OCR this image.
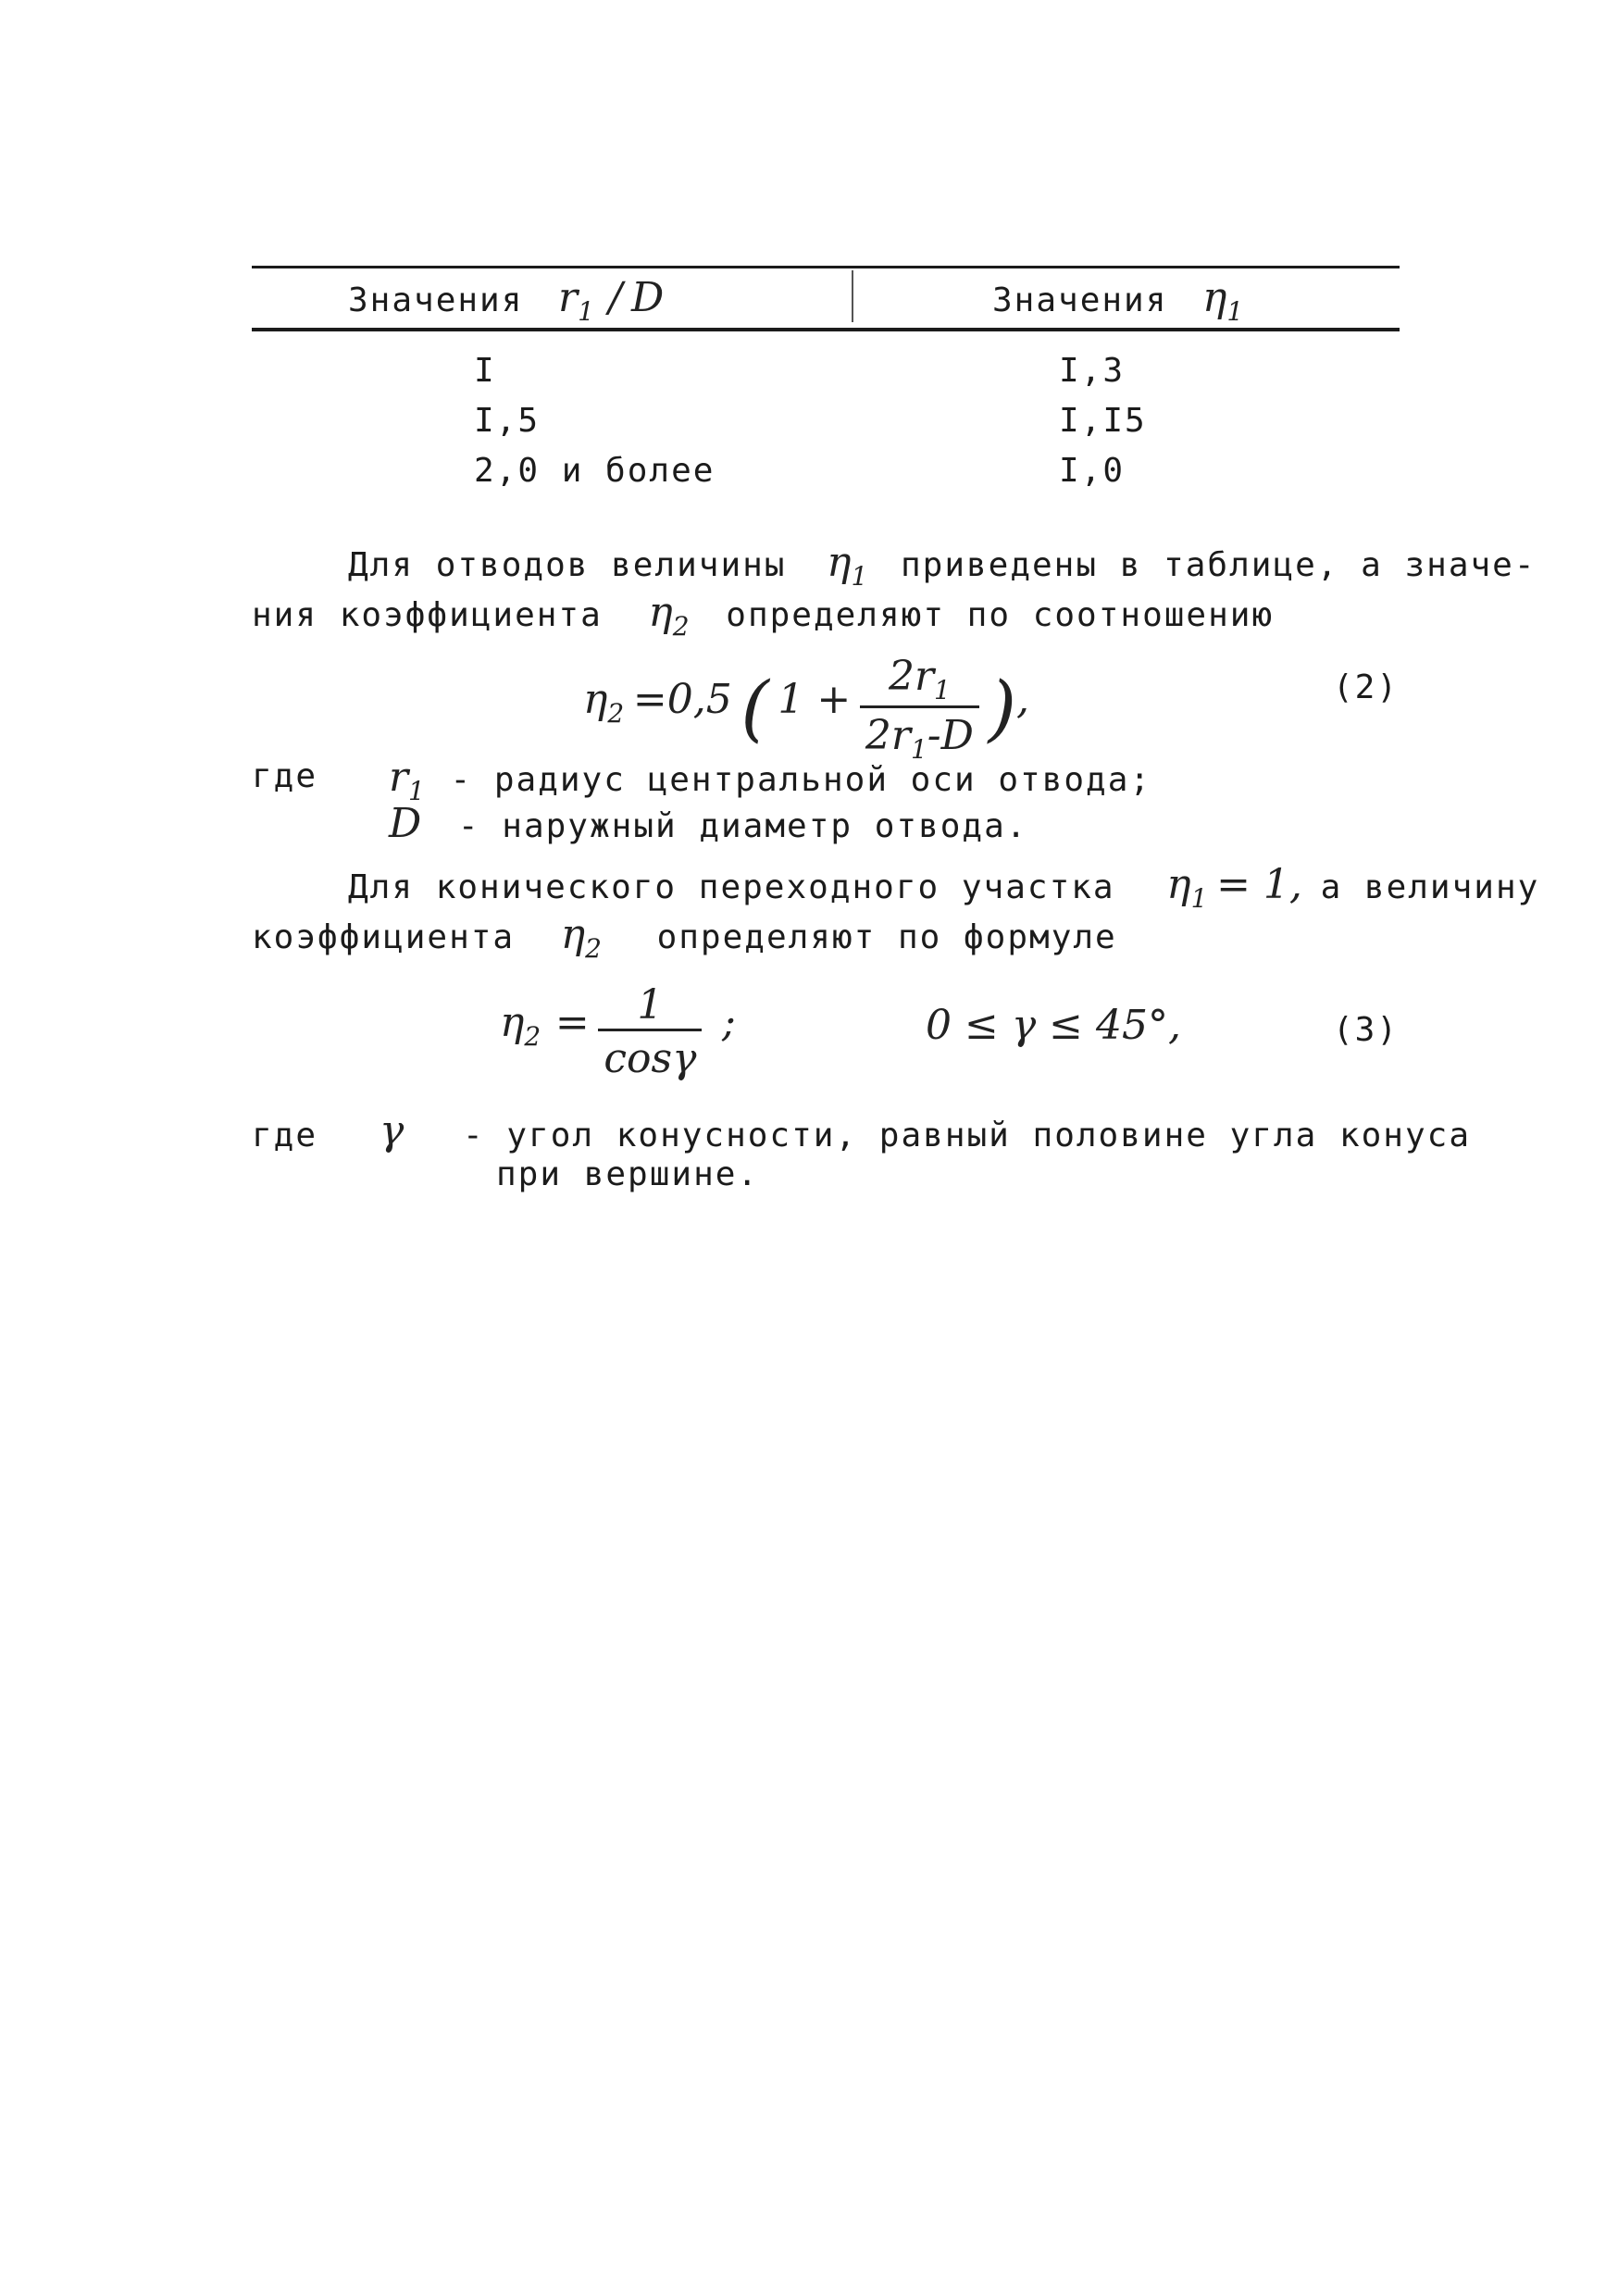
Значения r1 / D	Значения η1
I	I,3
I,5	I,I5
2,0 и более	I,0
Для отводов величины η1 приведены в таблице, а значе-
ния коэффициента η2 определяют по соотношению
η2 =0,5 ( $1 + \frac{2r_1}{2r_1-D}$ ),	(2)
где r1 - радиус центральной оси отвода;
D - наружный диаметр отвода.
Для конического переходного участка η1 = 1, а величину
коэффициента η2 определяют по формуле
$\eta 2 = \frac{1}{\cos\gamma}$ ;	0 ≤ γ ≤ 45°,	(3)
где γ - угол конусности, равный половине угла конуса
при вершине.
